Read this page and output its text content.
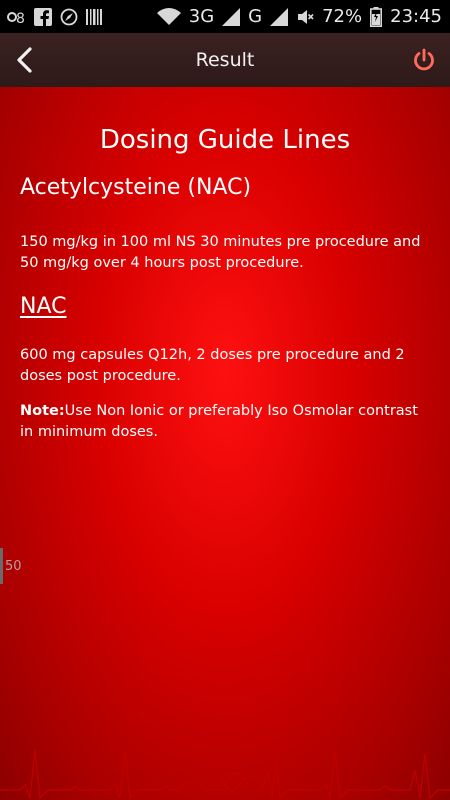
8	3G G	72% 23:45
Result
Dosing Guide Lines
Acetylcysteine (NAC)
150 mg/kg in 100 ml NS 30 minutes pre procedure and 50 mg/kg over 4 hours post procedure.
NAC
600 mg capsules Q12h, 2 doses pre procedure and 2 doses post procedure.
Note:Use Non Ionic or preferably Iso Osmolar contrast in minimum doses.
50
